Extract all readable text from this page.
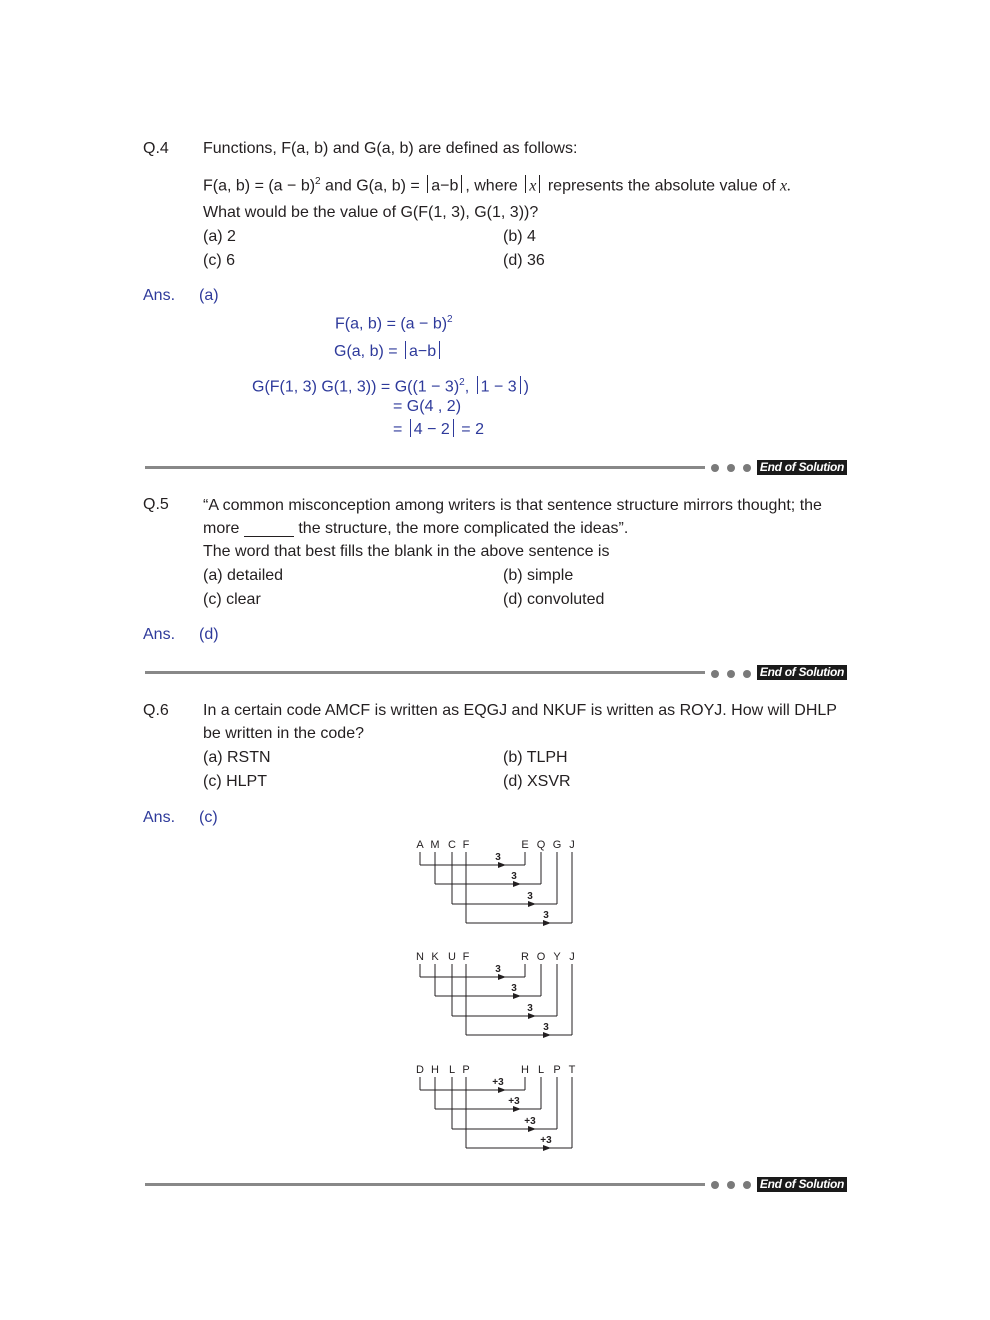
Q.4 Functions, F(a, b) and G(a, b) are defined as follows:
F(a, $b) = (a - b)^2$ and G(a, b) = a−b , where x represents the absolute value of x.
What would be the value of G(F(1, 3), G(1, 3))?
(a) 2	(b) 4
(c) 6	(d) 36
Ans. (a)
F(a, $b) = (a - b)^2$
G(a, b) = a−b
G(F(1, 3) G(1, $3)) = G((1 - 3)^2$, 1 − 3 )
= G(4 , 2)
= 4 − 2 = 2
End of Solution
Q.5 “A common misconception among writers is that sentence structure mirrors thought; the
more	the structure, the more complicated the ideas”.
The word that best fills the blank in the above sentence is
(a) detailed	(b) simple
(c) clear	(d) convoluted
Ans. (d)
End of Solution
Q.6 In a certain code AMCF is written as EQGJ and NKUF is written as ROYJ. How will DHLP
be written in the code?
(a) RSTN	(b) TLPH
(c) HLPT	(d) XSVR
Ans. (c)
A	E
3
M	Q
3
C	G
3
F	J
3
N	R
3
K	O
3
U	Y
3
F	J
3
D	H
+3
H	L
+3
L	P
+3
P	T
+3
End of Solution
